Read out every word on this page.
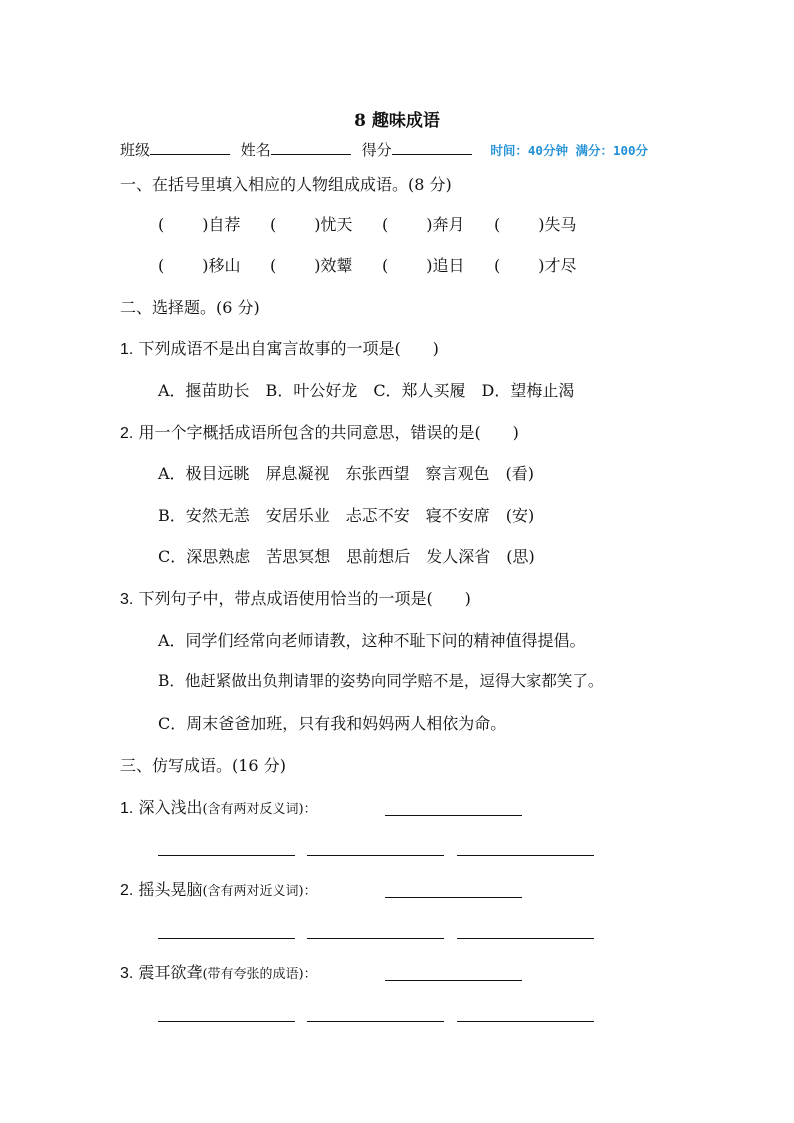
8 趣味成语
班级	姓名	得分	时间：40分钟 满分：100分
一、在括号里填入相应的人物组成成语。(8 分)
( )自荐 ( )忧天 ( )奔月 ( )失马
( )移山 ( )效颦 ( )追日 ( )才尽
二、选择题。(6 分)
1. 下列成语不是出自寓言故事的一项是(　　)
A．揠苗助长　B．叶公好龙　C．郑人买履　D．望梅止渴
2. 用一个字概括成语所包含的共同意思，错误的是(　　)
A．极目远眺　屏息凝视　东张西望　察言观色　(看)
B．安然无恙　安居乐业　忐忑不安　寝不安席　(安)
C．深思熟虑　苦思冥想　思前想后　发人深省　(思)
3. 下列句子中，带点成语使用恰当的一项是(　　)
A．同学们经常向老师请教，这种不耻下问的精神值得提倡。
B．他赶紧做出负荆请罪的姿势向同学赔不是，逗得大家都笑了。
C．周末爸爸加班，只有我和妈妈两人相依为命。
三、仿写成语。(16 分)
1. 深入浅出(含有两对反义词)：
2. 摇头晃脑(含有两对近义词)：
3. 震耳欲聋(带有夸张的成语)：
